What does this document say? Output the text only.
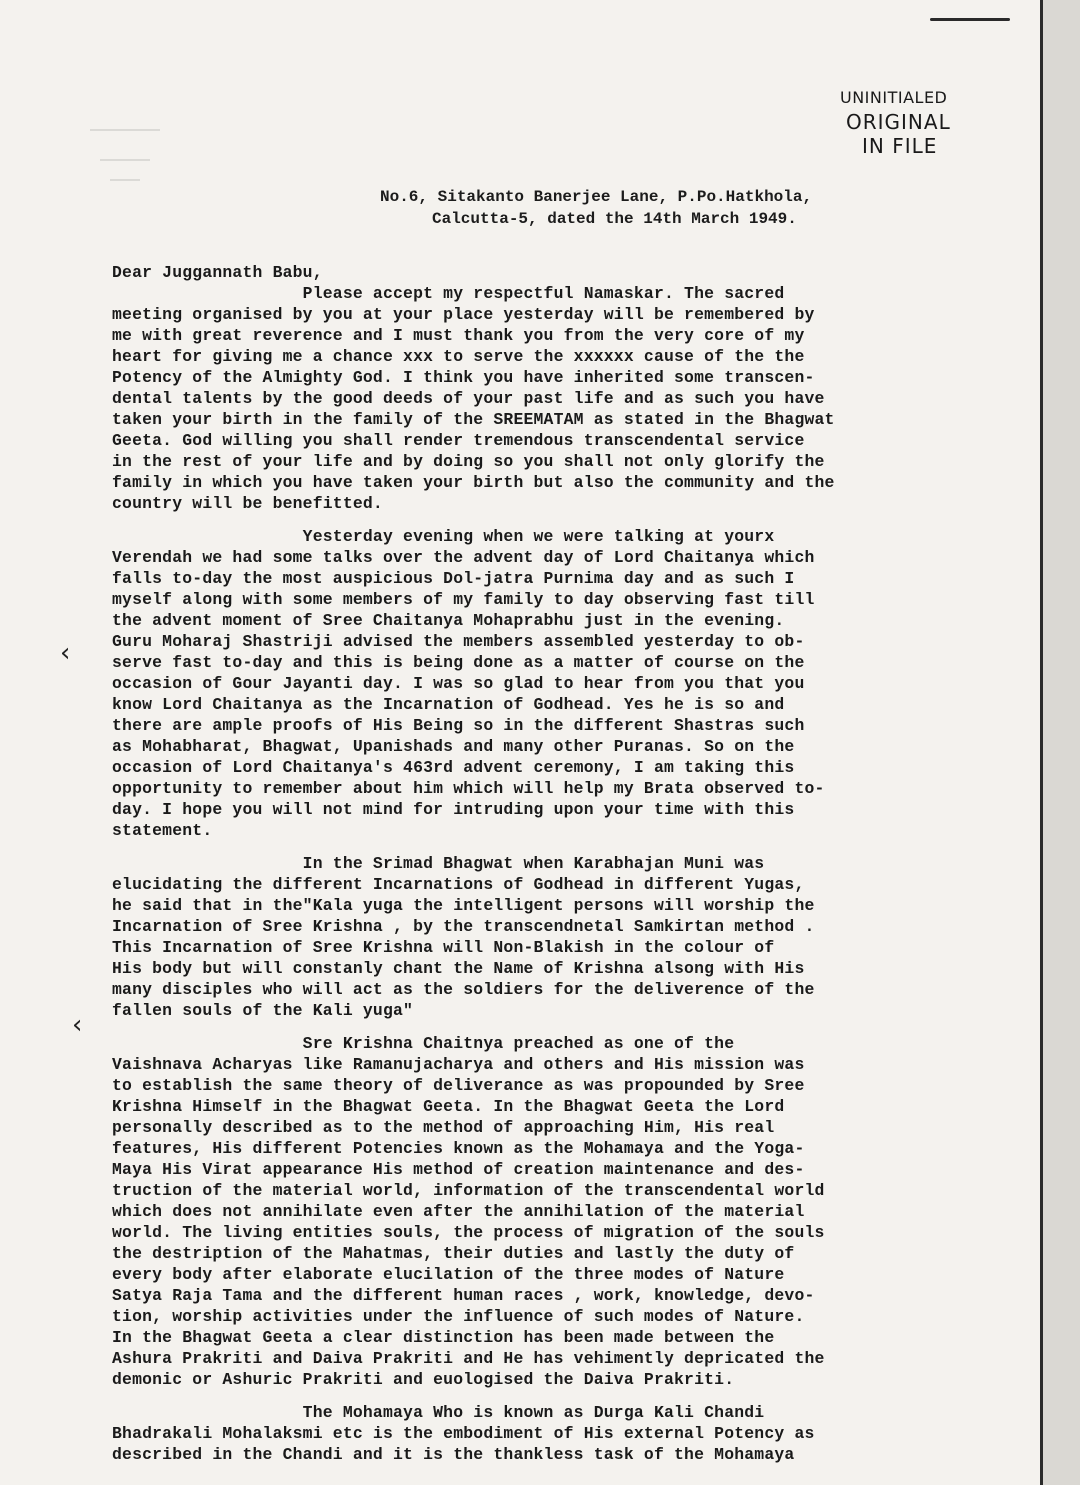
UNINITIALED
ORIGINAL
IN FILE
No.6, Sitakanto Banerjee Lane, P.Po.Hatkhola,
Calcutta-5, dated the 14th March 1949.
Dear Juggannath Babu,
Please accept my respectful Namaskar. The sacred
meeting organised by you at your place yesterday will be remembered by
me with great reverence and I must thank you from the very core of my
heart for giving me a chance xxx to serve the xxxxxx cause of the the
Potency of the Almighty God. I think you have inherited some transcen-
dental talents by the good deeds of your past life and as such you have
taken your birth in the family of the SREEMATAM as stated in the Bhagwat
Geeta. God willing you shall render tremendous transcendental service
in the rest of your life and by doing so you shall not only glorify the
family in which you have taken your birth but also the community and the
country will be benefitted.
Yesterday evening when we were talking at yourx
Verendah we had some talks over the advent day of Lord Chaitanya which
falls to-day the most auspicious Dol-jatra Purnima day and as such I
myself along with some members of my family to day observing fast till
the advent moment of Sree Chaitanya Mohaprabhu just in the evening.
Guru Moharaj Shastriji advised the members assembled yesterday to ob-
serve fast to-day and this is being done as a matter of course on the
occasion of Gour Jayanti day. I was so glad to hear from you that you
know Lord Chaitanya as the Incarnation of Godhead. Yes he is so and
there are ample proofs of His Being so in the different Shastras such
as Mohabharat, Bhagwat, Upanishads and many other Puranas. So on the
occasion of Lord Chaitanya's 463rd advent ceremony, I am taking this
opportunity to remember about him which will help my Brata observed to-
day. I hope you will not mind for intruding upon your time with this
statement.
In the Srimad Bhagwat when Karabhajan Muni was
elucidating the different Incarnations of Godhead in different Yugas,
he said that in the"Kala yuga the intelligent persons will worship the
Incarnation of Sree Krishna , by the transcendnetal Samkirtan method .
This Incarnation of Sree Krishna will Non-Blakish in the colour of
His body but will constanly chant the Name of Krishna alsong with His
many disciples who will act as the soldiers for the deliverence of the
fallen souls of the Kali yuga"
Sre Krishna Chaitnya preached as one of the
Vaishnava Acharyas like Ramanujacharya and others and His mission was
to establish the same theory of deliverance as was propounded by Sree
Krishna Himself in the Bhagwat Geeta. In the Bhagwat Geeta the Lord
personally described as to the method of approaching Him, His real
features, His different Potencies known as the Mohamaya and the Yoga-
Maya His Virat appearance His method of creation maintenance and des-
truction of the material world, information of the transcendental world
which does not annihilate even after the annihilation of the material
world. The living entities souls, the process of migration of the souls
the destription of the Mahatmas, their duties and lastly the duty of
every body after elaborate elucilation of the three modes of Nature
Satya Raja Tama and the different human races , work, knowledge, devo-
tion, worship activities under the influence of such modes of Nature.
In the Bhagwat Geeta a clear distinction has been made between the
Ashura Prakriti and Daiva Prakriti and He has vehimently depricated the
demonic or Ashuric Prakriti and euologised the Daiva Prakriti.
The Mohamaya Who is known as Durga Kali Chandi
Bhadrakali Mohalaksmi etc is the embodiment of His external Potency as
described in the Chandi and it is the thankless task of the Mohamaya
‹
‹
